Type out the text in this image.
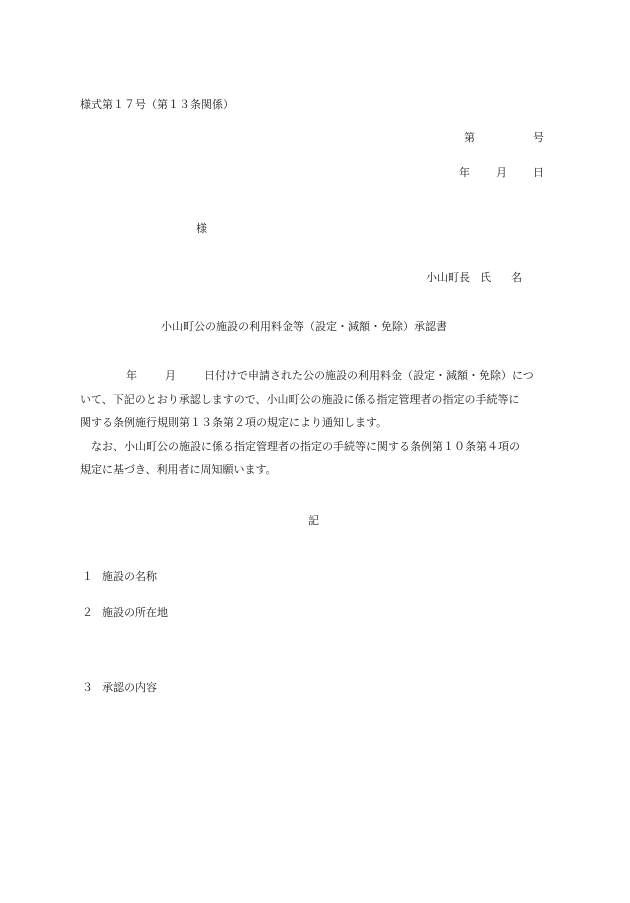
様式第１７号（第１３条関係）
第	号
年 月 日
様
小山町長 氏 名
小山町公の施設の利用料金等（設定・減額・免除）承認書
年	月	日付けで申請された公の施設の利用料金（設定・減額・免除）につ
いて、下記のとおり承認しますので、小山町公の施設に係る指定管理者の指定の手続等に
関する条例施行規則第１３条第２項の規定により通知します。
なお、小山町公の施設に係る指定管理者の指定の手続等に関する条例第１０条第４項の
規定に基づき、利用者に周知願います。
記
１ 施設の名称
２ 施設の所在地
３ 承認の内容
